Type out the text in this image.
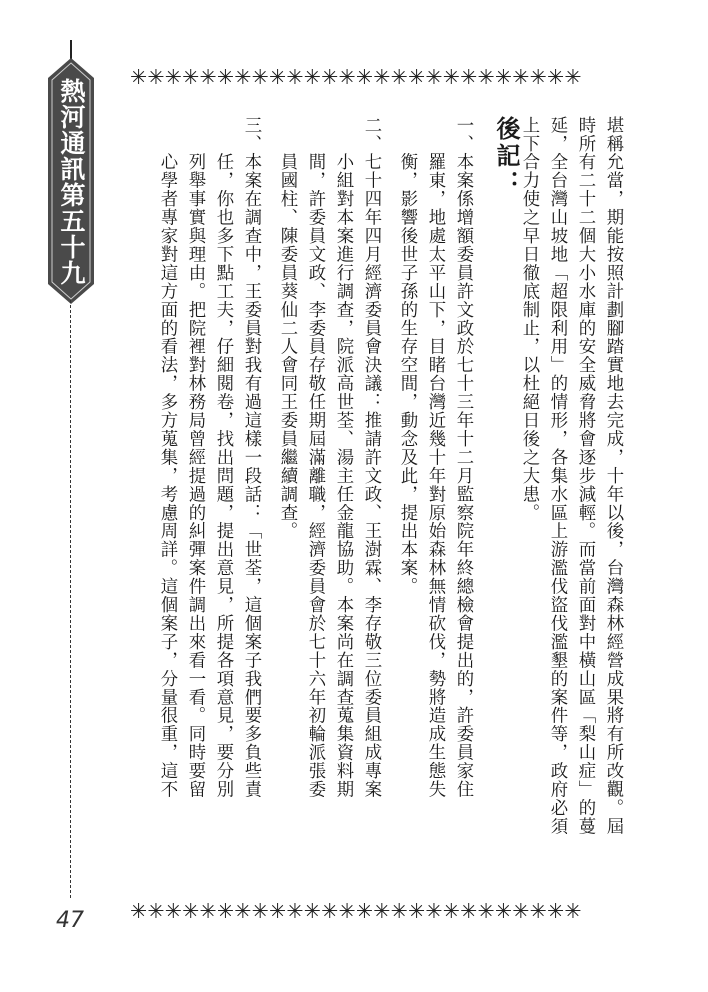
熱河通訊第五十九期
47
✳✳✳✳✳✳✳✳✳✳✳✳✳✳✳✳✳✳✳✳✳✳✳✳✳✳
✳✳✳✳✳✳✳✳✳✳✳✳✳✳✳✳✳✳✳✳✳✳✳✳✳✳
堪稱允當，期能按照計劃腳踏實地去完成，十年以後，台灣森林經營成果將有所改觀。屆
時所有二十二個大小水庫的安全威脅將會逐步減輕。而當前面對中橫山區「梨山症」的蔓
延，全台灣山坡地「超限利用」的情形，各集水區上游濫伐盜伐濫墾的案件等，政府必須
上下合力使之早日徹底制止，以杜絕日後之大患。
後記：
一、本案係增額委員許文政於七十三年十二月監察院年終總檢會提出的，許委員家住
　　羅東，地處太平山下，目睹台灣近幾十年對原始森林無情砍伐，勢將造成生態失
　　衡，影響後世子孫的生存空間，動念及此，提出本案。
二、七十四年四月經濟委員會決議：推請許文政、王澍霖、李存敬三位委員組成專案
　　小組對本案進行調查，院派高世荃、湯主任金龍協助。本案尚在調查蒐集資料期
　　間，許委員文政、李委員存敬任期屆滿離職，經濟委員會於七十六年初輪派張委
　　員國柱、陳委員葵仙二人會同王委員繼續調查。
三、本案在調查中，王委員對我有過這樣一段話：「世荃，這個案子我們要多負些責
　　任，你也多下點工夫，仔細閱卷，找出問題，提出意見，所提各項意見，要分別
　　列舉事實與理由。把院裡對林務局曾經提過的糾彈案件調出來看一看。同時要留
　　心學者專家對這方面的看法，多方蒐集，考慮周詳。這個案子，分量很重，這不
